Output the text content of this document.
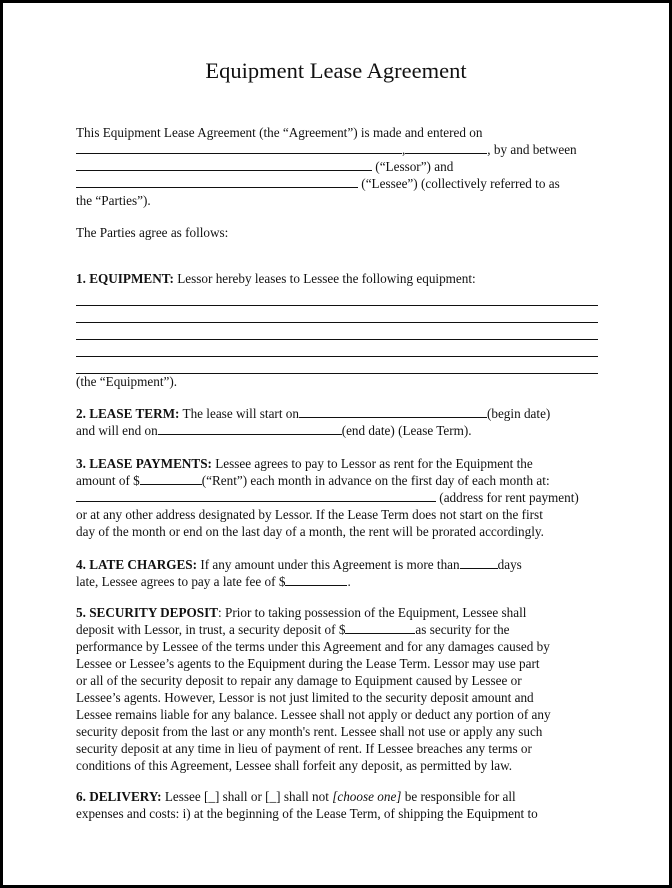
Equipment Lease Agreement
This Equipment Lease Agreement (the “Agreement”) is made and entered on
,	, by and between
(“Lessor”) and
(“Lessee”) (collectively referred to as
the “Parties”).
The Parties agree as follows:
1. EQUIPMENT: Lessor hereby leases to Lessee the following equipment:
(the “Equipment”).
2. LEASE TERM: The lease will start on	(begin date)
and will end on	(end date) (Lease Term).
3. LEASE PAYMENTS: Lessee agrees to pay to Lessor as rent for the Equipment the
amount of $	(“Rent”) each month in advance on the first day of each month at:
(address for rent payment)
or at any other address designated by Lessor. If the Lease Term does not start on the first
day of the month or end on the last day of a month, the rent will be prorated accordingly.
4. LATE CHARGES: If any amount under this Agreement is more than	days
late, Lessee agrees to pay a late fee of $	.
5. SECURITY DEPOSIT: Prior to taking possession of the Equipment, Lessee shall
deposit with Lessor, in trust, a security deposit of $	as security for the
performance by Lessee of the terms under this Agreement and for any damages caused by
Lessee or Lessee’s agents to the Equipment during the Lease Term. Lessor may use part
or all of the security deposit to repair any damage to Equipment caused by Lessee or
Lessee’s agents. However, Lessor is not just limited to the security deposit amount and
Lessee remains liable for any balance. Lessee shall not apply or deduct any portion of any
security deposit from the last or any month's rent. Lessee shall not use or apply any such
security deposit at any time in lieu of payment of rent. If Lessee breaches any terms or
conditions of this Agreement, Lessee shall forfeit any deposit, as permitted by law.
6. DELIVERY: Lessee [_] shall or [_] shall not [choose one] be responsible for all
expenses and costs: i) at the beginning of the Lease Term, of shipping the Equipment to
